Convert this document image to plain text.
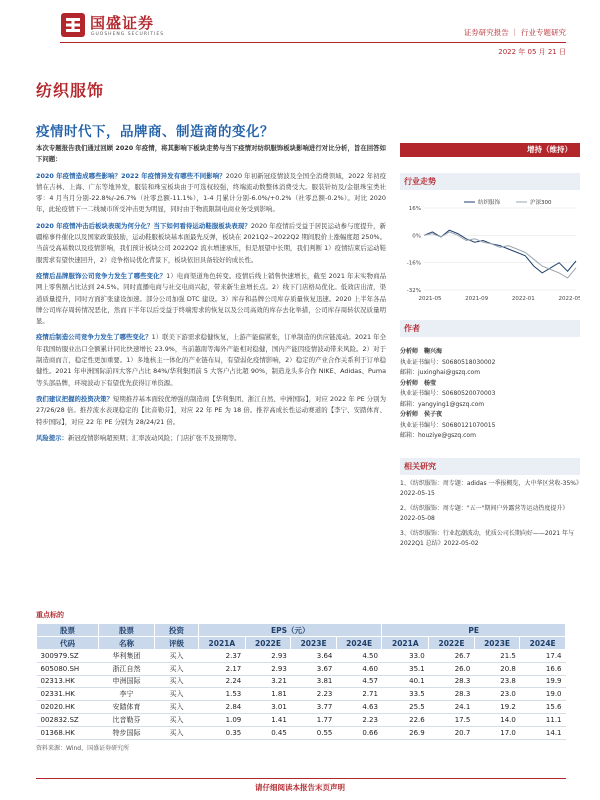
国盛证券
GUOSHENG SECURITIES	证券研究报告 ｜ 行业专题研究
2022 年 05 月 21 日
纺织服饰
疫情时代下，品牌商、制造商的变化？
本次专题报告我们通过回顾 2020 年疫情，将其影响下板块走势与当下疫情对纺织服饰板块影响进行对比分析，旨在回答如下问题：
2020 年疫情造成哪些影响？2022 年疫情异发有哪些不同影响？2020 年初新冠疫情波及全国全消费领域，2022 年初疫情在吉林、上海、广东等地异发，服装和珠宝板块由于可选权较强，终端流动数整体消费受大。服装针纺及/金银珠宝类社零：4 月当月分别-22.8%/-26.7%（社零总额-11.1%），1-4 月累计分别-6.0%/+0.2%（社零总额-0.2%）。对比 2020 年，此轮疫情下一二线城市所受冲击更为明显，同时由于物流限制电商业务受到影响。
2020 年疫情冲击后板块表现为何分化？当下如何看待运动鞋服板块表现？2020 年疫情后受益于居民运动参与度提升，新疆棉事件催化以及国家政策鼓励，运动鞋服板块基本面最先反弹，板块在 2021Q2~2022Q2 期间股价上涨幅度超 250%。当前受高基数以及疫情影响，我们预计板块公司 2022Q2 流水增速承压，但是展望中长期，我们判断 1）疫情结束后运动鞋服需求有望快速回升，2）竞争格局优化背景下，板块依旧具备较好的成长性。
疫情后品牌服饰公司竞争力发生了哪些变化？1）电商渠道角色转变。疫情后线上销售快速增长，截至 2021 年末实物商品网上零售额占比达到 24.5%。同时直播电商与社交电商兴起，带来新生意增长点。2）线下门店格局优化。低效店出清，渠道质量提升，同时方面扩张建设加速。部分公司加强 DTC 建设。3）库存和品牌公司库存质量恢复迅速。2020 上半年各品牌公司库存周转情况恶化，然而下半年以后受益于终端需求的恢复以及公司高效的库存去化举措，公司库存周转状况质量明显。
疫情后制造公司竞争力发生了哪些变化？1）联美下游需求稳健恢复，上游产能偏紧张，订单制造的供应链流动。2021 年全年我国纺服业出口全额累计同比快速增长 23.9%，当前越南等海外产能相对稳健，国内产能因疫情波动带来风险。2）对于制造商而言，稳定性更加重要。1）多地核主一体化的产业链布局，有望弱化疫情影响，2）稳定的产业合作关系利于订单稳健性。2021 年申洲国际前四大客户占比 84%/华利集团前 5 大客户占比超 90%，制造龙头多合作 NIKE、Adidas、Puma 等头部品牌，环境波动下有望优先获得订单资源。
我们建议把握的投资决策？短期推荐基本面较优增强的制造商【华利集团、浙江自然、申洲国际】，对应 2022 年 PE 分别为 27/26/28 倍。推荐流水表现稳定的【比音勒芬】，对应 22 年 PE 为 18 倍。推荐高成长性运动赛道的【李宁、安踏体育、特步国际】，对应 22 年 PE 分别为 28/24/21 倍。
风险提示：新冠疫情影响超预期；汇率波动风险；门店扩张不及预期等。
增持（维持）
行业走势
16%
0%
-16%
-32%
2021-05	2021-09	2022-01	2022-05
纺织服饰	沪深300
作者
分析师　 鞠兴海
执业证书编号：S0680518030002
邮箱：juxinghai@gszq.com
分析师　 杨莹
执业证书编号：S0680520070003
邮箱：yangying1@gszq.com
分析师　 侯子夜
执业证书编号：S0680121070015
邮箱：houziye@gszq.com
相关研究

1、《纺织服饰：周专题：adidas 一季报概览，大中华区营收-35%》2022-05-15

2、《纺织服饰：周专题："五一"期间户外露营等运动热度提升》2022-05-08

3、《纺织服饰：行业起潮波动，优质公司长期向好——2021 年与 2022Q1 总结》2022-05-02

重点标的
股票	股票	投资	EPS（元）				PE			
代码	名称	评级	2021A	2022E	2023E	2024E	2021A	2022E	2023E	2024E
300979.SZ	华利集团	买入	2.37	2.93	3.64	4.50	33.0	26.7	21.5	17.4
605080.SH	浙江自然	买入	2.17	2.93	3.67	4.60	35.1	26.0	20.8	16.6
02313.HK	申洲国际	买入	2.24	3.21	3.81	4.57	40.1	28.3	23.8	19.9
02331.HK	李宁	买入	1.53	1.81	2.23	2.71	33.5	28.3	23.0	19.0
02020.HK	安踏体育	买入	2.84	3.01	3.77	4.63	25.5	24.1	19.2	15.6
002832.SZ	比音勒芬	买入	1.09	1.41	1.77	2.23	22.6	17.5	14.0	11.1
01368.HK	特步国际	买入	0.35	0.45	0.55	0.66	26.9	20.7	17.0	14.1
资料来源：Wind，国盛证券研究所
请仔细阅读本报告末页声明
